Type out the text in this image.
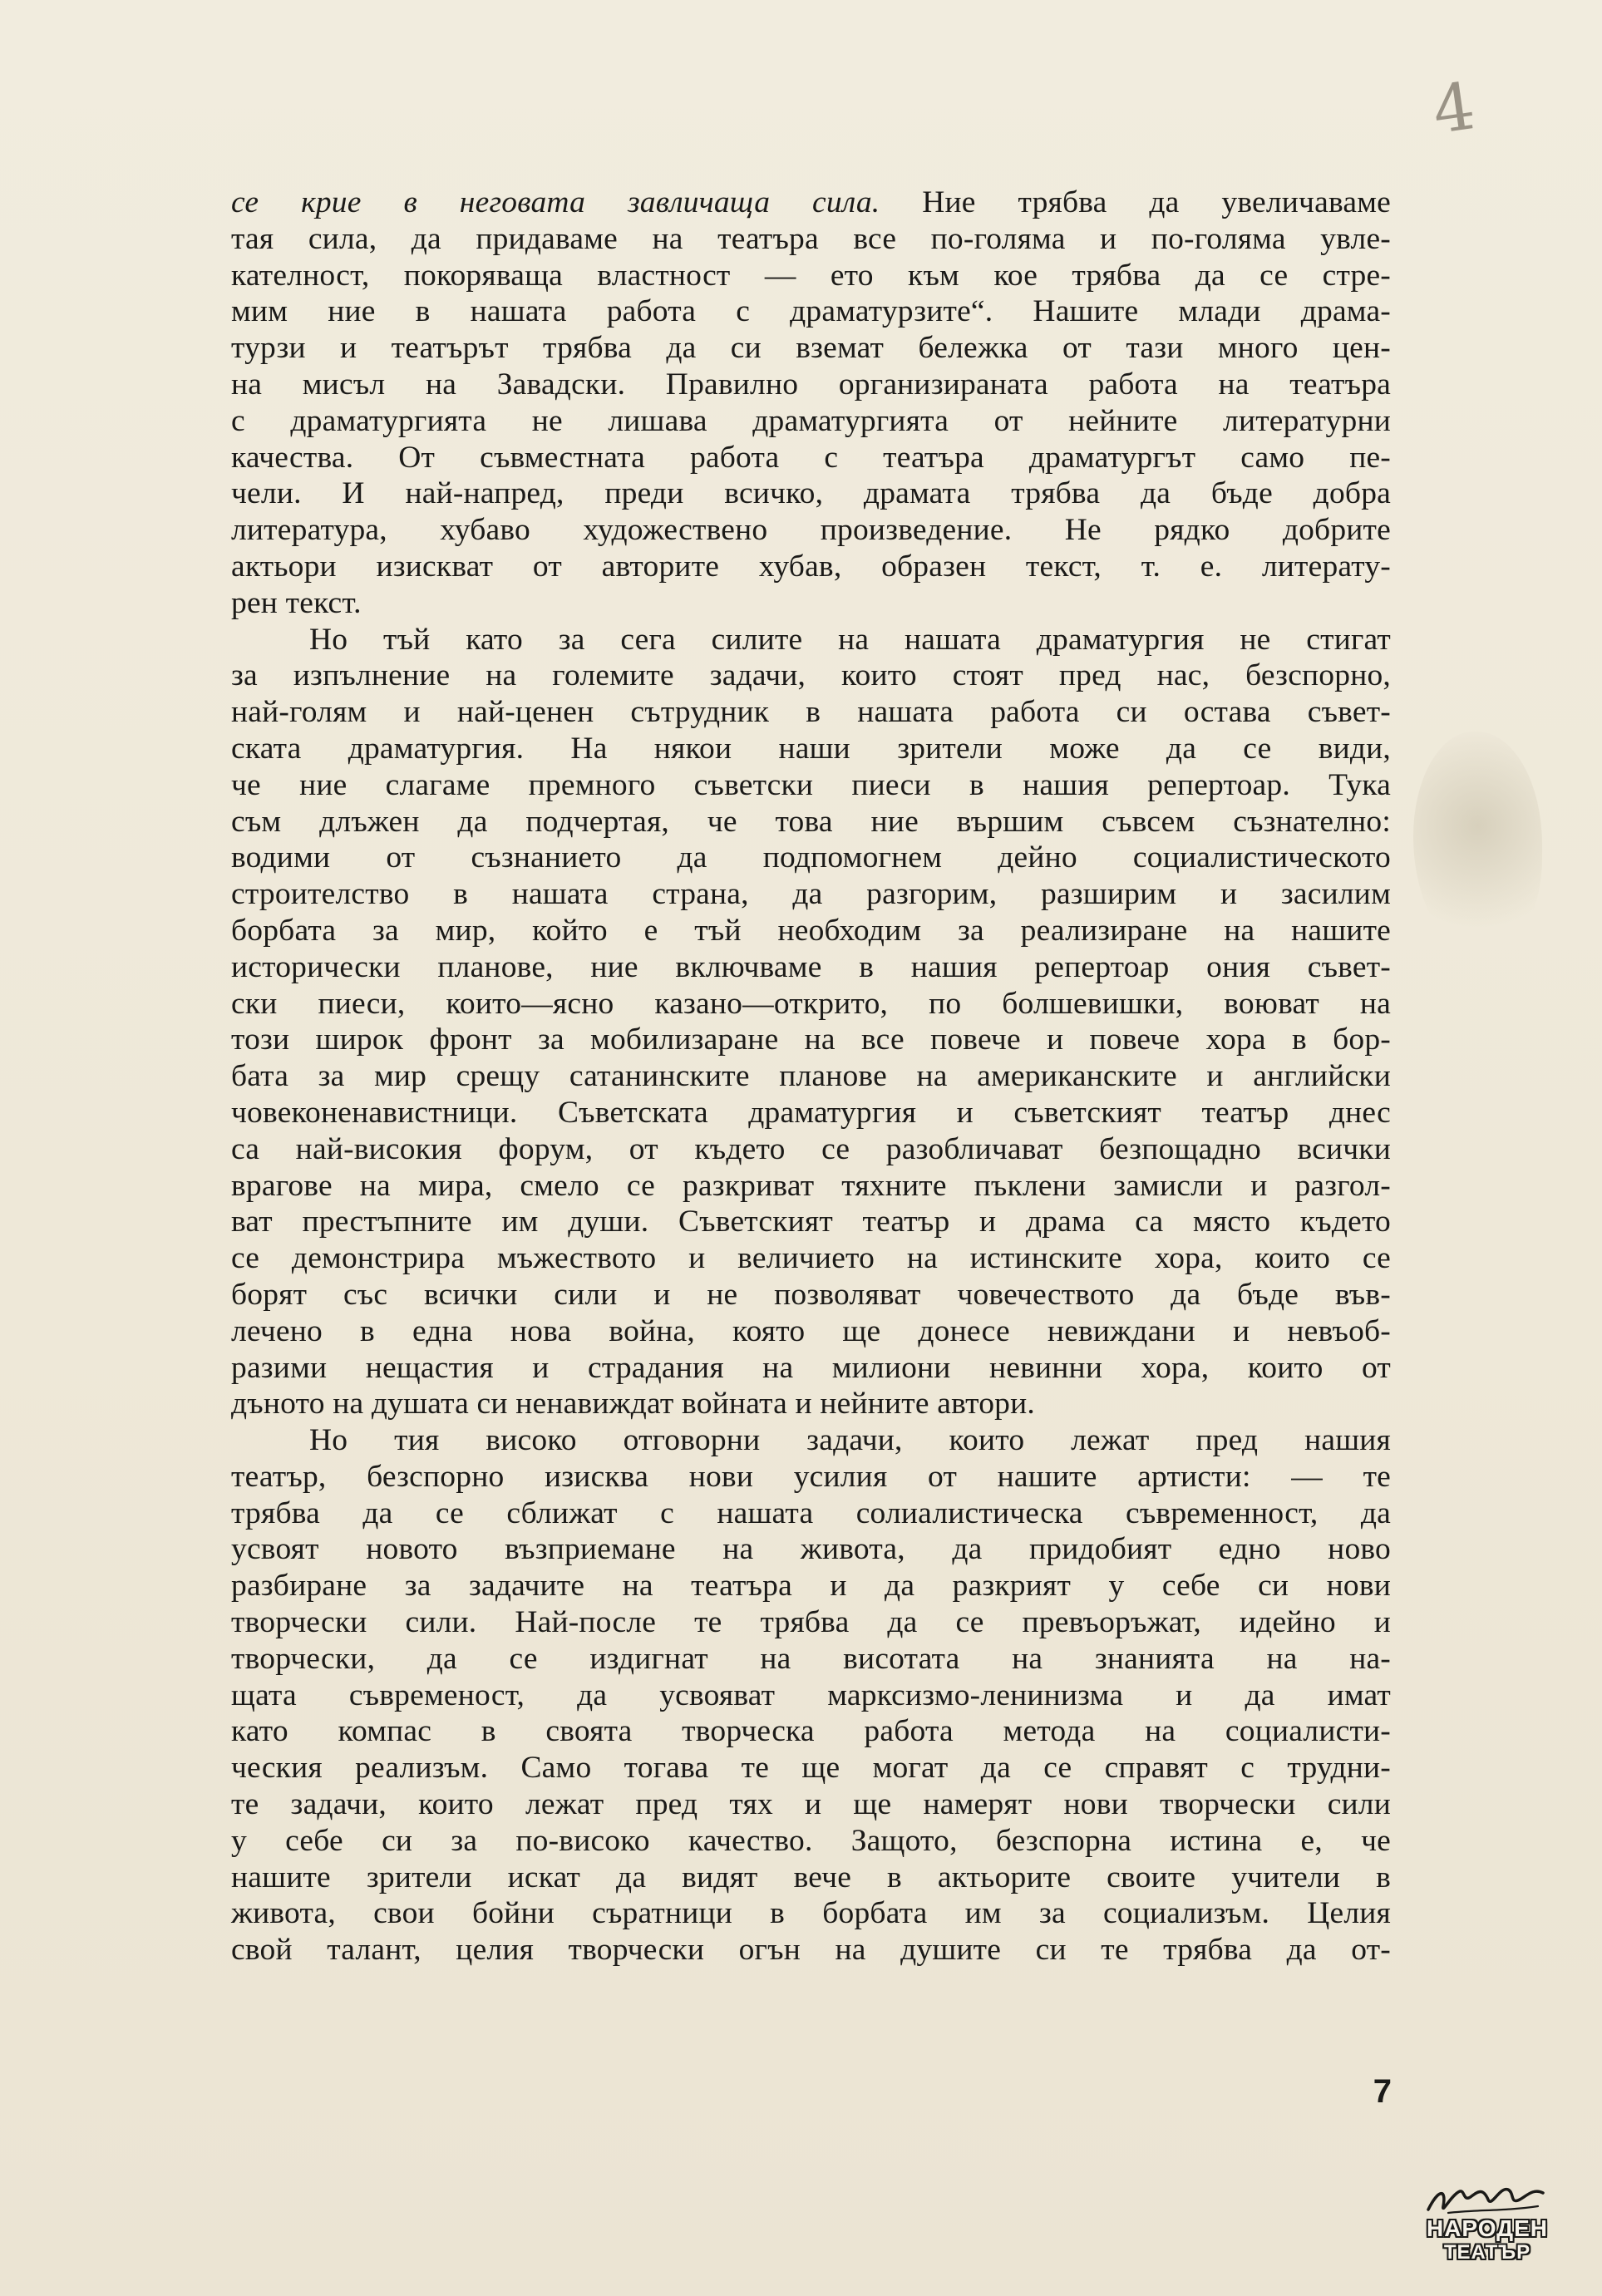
4
се крие в неговата завличаща сила. Ние трябва да увеличаваме
тая сила, да придаваме на театъра все по-голяма и по-голяма увле-
кателност, покоряваща властност — ето към кое трябва да се стре-
мим ние в нашата работа с драматурзите“. Нашите млади драма-
турзи и театърът трябва да си вземат бележка от тази много цен-
на мисъл на Завадски. Правилно организираната работа на театъра
с драматургията не лишава драматургията от нейните литературни
качества. От съвместната работа с театъра драматургът само пе-
чели. И най-напред, преди всичко, драмата трябва да бъде добра
литература, хубаво художествено произведение. Не рядко добрите
актьори изискват от авторите хубав, образен текст, т. е. литерату-
рен текст.
Но тъй като за сега силите на нашата драматургия не стигат
за изпълнение на големите задачи, които стоят пред нас, безспорно,
най-голям и най-ценен сътрудник в нашата работа си остава съвет-
ската драматургия. На някои наши зрители може да се види,
че ние слагаме премного съветски пиеси в нашия репертоар. Тука
съм длъжен да подчертая, че това ние вършим съвсем съзнателно:
водими от съзнанието да подпомогнем дейно социалистическото
строителство в нашата страна, да разгорим, разширим и засилим
борбата за мир, който е тъй необходим за реализиране на нашите
исторически планове, ние включваме в нашия репертоар ония съвет-
ски пиеси, които—ясно казано—открито, по болшевишки, воюват на
този широк фронт за мобилизаране на все повече и повече хора в бор-
бата за мир срещу сатанинските планове на американските и английски
човеконенавистници. Съветската драматургия и съветският театър днес
са най-високия форум, от където се разобличават безпощадно всички
врагове на мира, смело се разкриват тяхните пъклени замисли и разгол-
ват престъпните им души. Съветският театър и драма са място където
се демонстрира мъжеството и величието на истинските хора, които се
борят със всички сили и не позволяват човечеството да бъде във-
лечено в една нова война, която ще донесе невиждани и невъоб-
разими нещастия и страдания на милиони невинни хора, които от
дъното на душата си ненавиждат войната и нейните автори.
Но тия високо отговорни задачи, които лежат пред нашия
театър, безспорно изисква нови усилия от нашите артисти: — те
трябва да се сближат с нашата солиалистическа съвременност, да
усвоят новото възприемане на живота, да придобият едно ново
разбиране за задачите на театъра и да разкрият у себе си нови
творчески сили. Най-после те трябва да се превъоръжат, идейно и
творчески, да се издигнат на висотата на знанията на на-
щата съвременост, да усвояват марксизмо-ленинизма и да имат
като компас в своята творческа работа метода на социалисти-
ческия реализъм. Само тогава те ще могат да се справят с трудни-
те задачи, които лежат пред тях и ще намерят нови творчески сили
у себе си за по-високо качество. Защото, безспорна истина е, че
нашите зрители искат да видят вече в актьорите своите учители в
живота, свои бойни съратници в борбата им за социализъм. Целия
свой талант, целия творчески огън на душите си те трябва да от-
7
НАРОДЕН
ТЕАТЪР
